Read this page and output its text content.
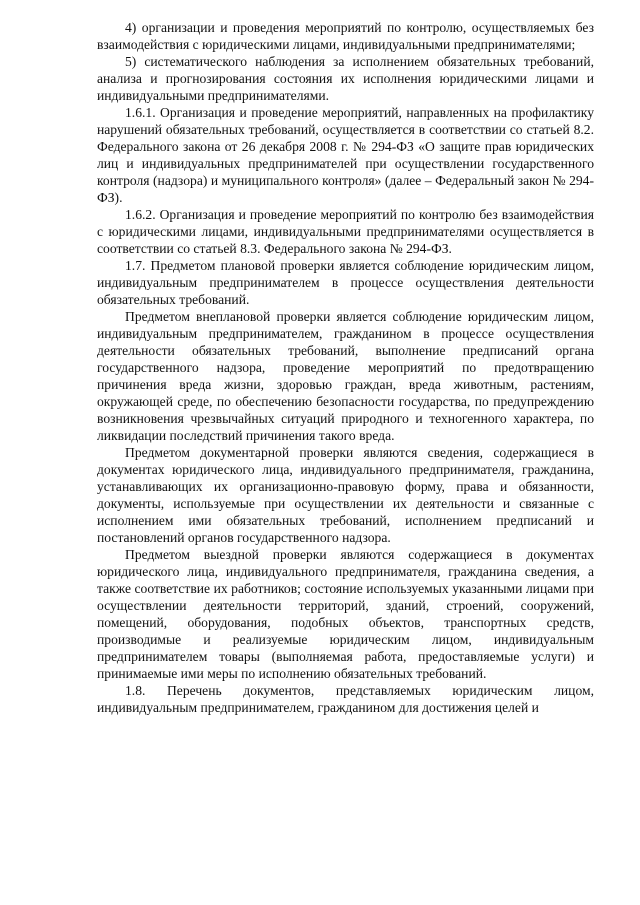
4) организации и проведения мероприятий по контролю, осуществляемых без взаимодействия с юридическими лицами, индивидуальными предпринимателями;

5) систематического наблюдения за исполнением обязательных требований, анализа и прогнозирования состояния их исполнения юридическими лицами и индивидуальными предпринимателями.

1.6.1. Организация и проведение мероприятий, направленных на профилактику нарушений обязательных требований, осуществляется в соответствии со статьей 8.2. Федерального закона от 26 декабря 2008 г. № 294-ФЗ «О защите прав юридических лиц и индивидуальных предпринимателей при осуществлении государственного контроля (надзора) и муниципального контроля» (далее – Федеральный закон № 294-ФЗ).

1.6.2. Организация и проведение мероприятий по контролю без взаимодействия с юридическими лицами, индивидуальными предпринимателями осуществляется в соответствии со статьей 8.3. Федерального закона № 294-ФЗ.

1.7. Предметом плановой проверки является соблюдение юридическим лицом, индивидуальным предпринимателем в процессе осуществления деятельности обязательных требований.

Предметом внеплановой проверки является соблюдение юридическим лицом, индивидуальным предпринимателем, гражданином в процессе осуществления деятельности обязательных требований, выполнение предписаний органа государственного надзора, проведение мероприятий по предотвращению причинения вреда жизни, здоровью граждан, вреда животным, растениям, окружающей среде, по обеспечению безопасности государства, по предупреждению возникновения чрезвычайных ситуаций природного и техногенного характера, по ликвидации последствий причинения такого вреда.

Предметом документарной проверки являются сведения, содержащиеся в документах юридического лица, индивидуального предпринимателя, гражданина, устанавливающих их организационно-правовую форму, права и обязанности, документы, используемые при осуществлении их деятельности и связанные с исполнением ими обязательных требований, исполнением предписаний и постановлений органов государственного надзора.

Предметом выездной проверки являются содержащиеся в документах юридического лица, индивидуального предпринимателя, гражданина сведения, а также соответствие их работников; состояние используемых указанными лицами при осуществлении деятельности территорий, зданий, строений, сооружений, помещений, оборудования, подобных объектов, транспортных средств, производимые и реализуемые юридическим лицом, индивидуальным предпринимателем товары (выполняемая работа, предоставляемые услуги) и принимаемые ими меры по исполнению обязательных требований.

1.8. Перечень документов, представляемых юридическим лицом, индивидуальным предпринимателем, гражданином для достижения целей и
